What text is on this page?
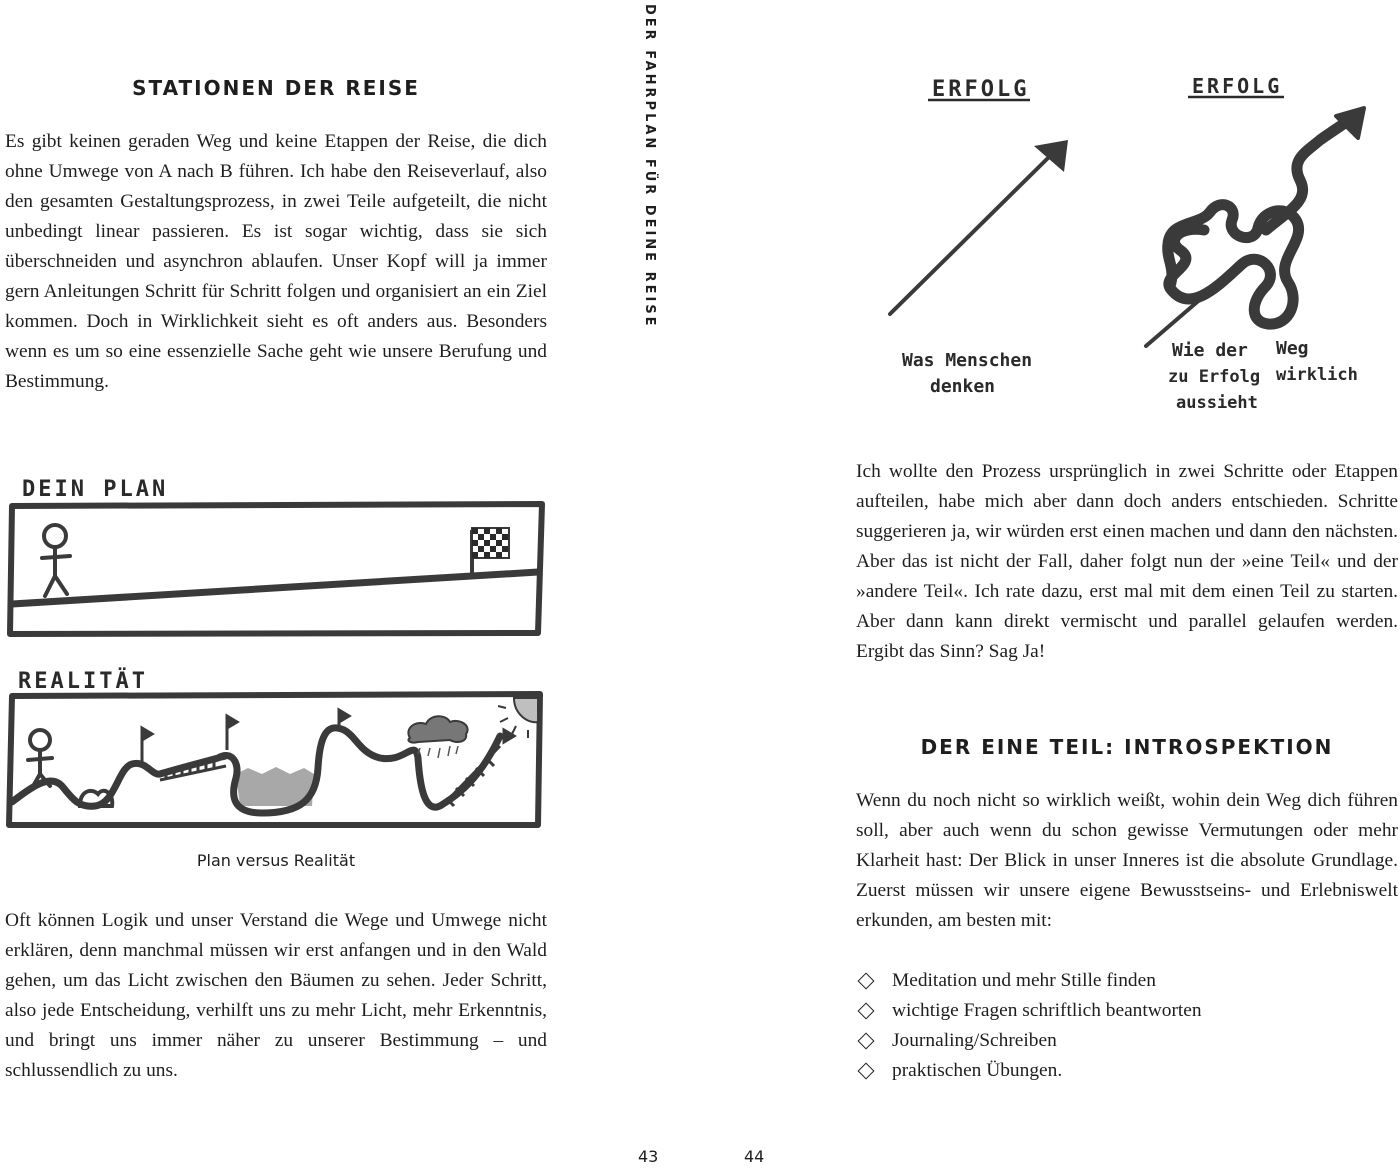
DER FAHRPLAN FÜR DEINE REISE
STATIONEN DER REISE
Es gibt keinen geraden Weg und keine Etappen der Reise, die dich ohne Umwege von A nach B führen. Ich habe den Reiseverlauf, also den gesamten Gestaltungsprozess, in zwei Teile aufgeteilt, die nicht unbedingt linear passieren. Es ist sogar wichtig, dass sie sich überschneiden und asynchron ablaufen. Unser Kopf will ja immer gern Anleitungen Schritt für Schritt folgen und organisiert an ein Ziel kommen. Doch in Wirklichkeit sieht es oft anders aus. Besonders wenn es um so eine essenzielle Sache geht wie unsere Berufung und Bestimmung.
DEIN PLAN
REALITÄT
Plan versus Realität
Oft können Logik und unser Verstand die Wege und Umwege nicht erklären, denn manchmal müssen wir erst anfangen und in den Wald gehen, um das Licht zwischen den Bäumen zu sehen. Jeder Schritt, also jede Entscheidung, verhilft uns zu mehr Licht, mehr Erkenntnis, und bringt uns immer näher zu unserer Bestimmung – und schlussendlich zu uns.
43
ERFOLG	ERFOLG
Was Menschen
denken
Wie der Weg
zu Erfolg wirklich
aussieht
Ich wollte den Prozess ursprünglich in zwei Schritte oder Etappen aufteilen, habe mich aber dann doch anders entschieden. Schritte suggerieren ja, wir würden erst einen machen und dann den nächsten. Aber das ist nicht der Fall, daher folgt nun der »eine Teil« und der »andere Teil«. Ich rate dazu, erst mal mit dem einen Teil zu starten. Aber dann kann direkt vermischt und parallel gelaufen werden. Ergibt das Sinn? Sag Ja!
DER EINE TEIL: INTROSPEKTION
Wenn du noch nicht so wirklich weißt, wohin dein Weg dich führen soll, aber auch wenn du schon gewisse Vermutungen oder mehr Klarheit hast: Der Blick in unser Inneres ist die absolute Grundlage. Zuerst müssen wir unsere eigene Bewusstseins- und Erlebniswelt erkunden, am besten mit:
Meditation und mehr Stille finden
wichtige Fragen schriftlich beantworten
Journaling/Schreiben
praktischen Übungen.
44
